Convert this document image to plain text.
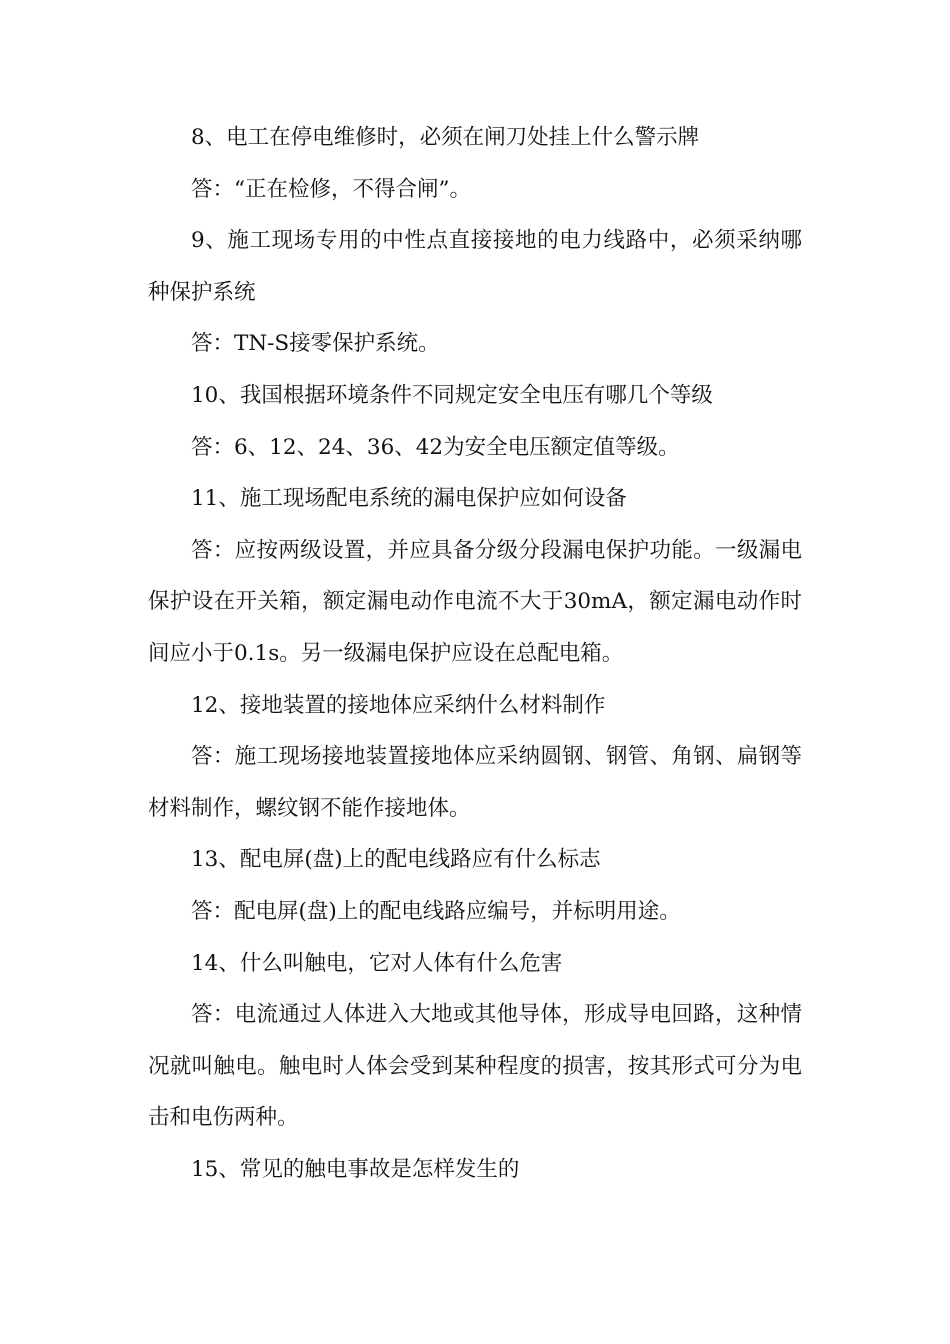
8、电工在停电维修时，必须在闸刀处挂上什么警示牌

答：“正在检修，不得合闸”。

9、施工现场专用的中性点直接接地的电力线路中，必须采纳哪种保护系统

答：TN-S接零保护系统。

10、我国根据环境条件不同规定安全电压有哪几个等级

答：6、12、24、36、42为安全电压额定值等级。

11、施工现场配电系统的漏电保护应如何设备

答：应按两级设置，并应具备分级分段漏电保护功能。一级漏电保护设在开关箱，额定漏电动作电流不大于30mA，额定漏电动作时间应小于0.1s。另一级漏电保护应设在总配电箱。

12、接地装置的接地体应采纳什么材料制作

答：施工现场接地装置接地体应采纳圆钢、钢管、角钢、扁钢等材料制作，螺纹钢不能作接地体。

13、配电屏(盘)上的配电线路应有什么标志

答：配电屏(盘)上的配电线路应编号，并标明用途。

14、什么叫触电，它对人体有什么危害

答：电流通过人体进入大地或其他导体，形成导电回路，这种情况就叫触电。触电时人体会受到某种程度的损害，按其形式可分为电击和电伤两种。

15、常见的触电事故是怎样发生的
